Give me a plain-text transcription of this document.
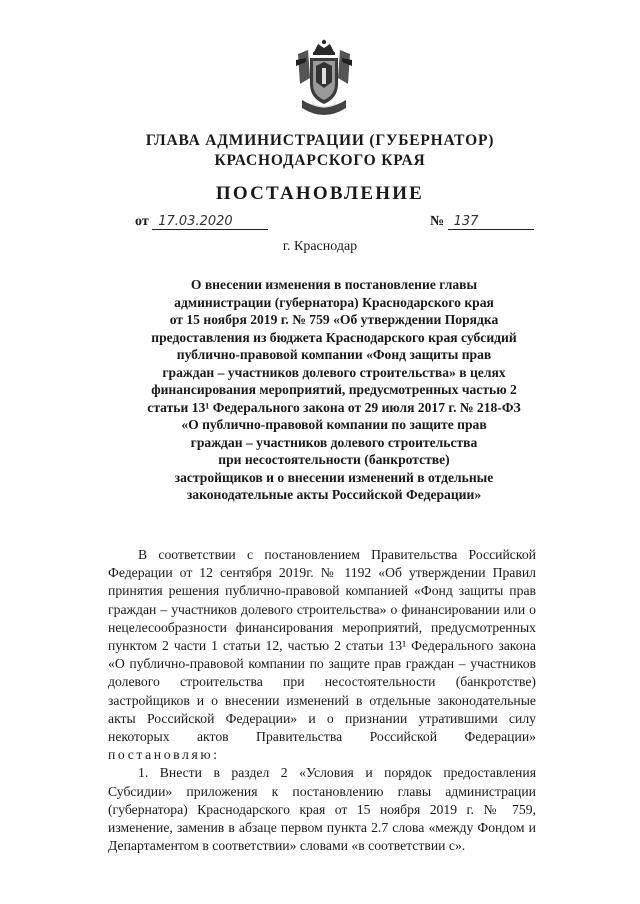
ГЛАВА АДМИНИСТРАЦИИ (ГУБЕРНАТОР)
КРАСНОДАРСКОГО КРАЯ
ПОСТАНОВЛЕНИЕ
от 17.03.2020	№ 137
г. Краснодар
О внесении изменения в постановление главы
администрации (губернатора) Краснодарского края
от 15 ноября 2019 г. № 759 «Об утверждении Порядка
предоставления из бюджета Краснодарского края субсидий
публично-правовой компании «Фонд защиты прав
граждан – участников долевого строительства» в целях
финансирования мероприятий, предусмотренных частью 2
статьи 13¹ Федерального закона от 29 июля 2017 г. № 218-ФЗ
«О публично-правовой компании по защите прав
граждан – участников долевого строительства
при несостоятельности (банкротстве)
застройщиков и о внесении изменений в отдельные
законодательные акты Российской Федерации»

В соответствии с постановлением Правительства Российской Федерации от 12 сентября 2019г. № 1192 «Об утверждении Правил принятия решения публично-правовой компанией «Фонд защиты прав граждан – участников долевого строительства» о финансировании или о нецелесообразности финансирования мероприятий, предусмотренных пунктом 2 части 1 статьи 12, частью 2 статьи 13¹ Федерального закона «О публично-правовой компании по защите прав граждан – участников долевого строительства при несостоятельности (банкротстве) застройщиков и о внесении изменений в отдельные законодательные акты Российской Федерации» и о признании утратившими силу некоторых актов Правительства Российской Федерации» постановляю:

1. Внести в раздел 2 «Условия и порядок предоставления Субсидии» приложения к постановлению главы администрации (губернатора) Краснодарского края от 15 ноября 2019 г. № 759, изменение, заменив в абзаце первом пункта 2.7 слова «между Фондом и Департаментом в соответствии» словами «в соответствии с».
